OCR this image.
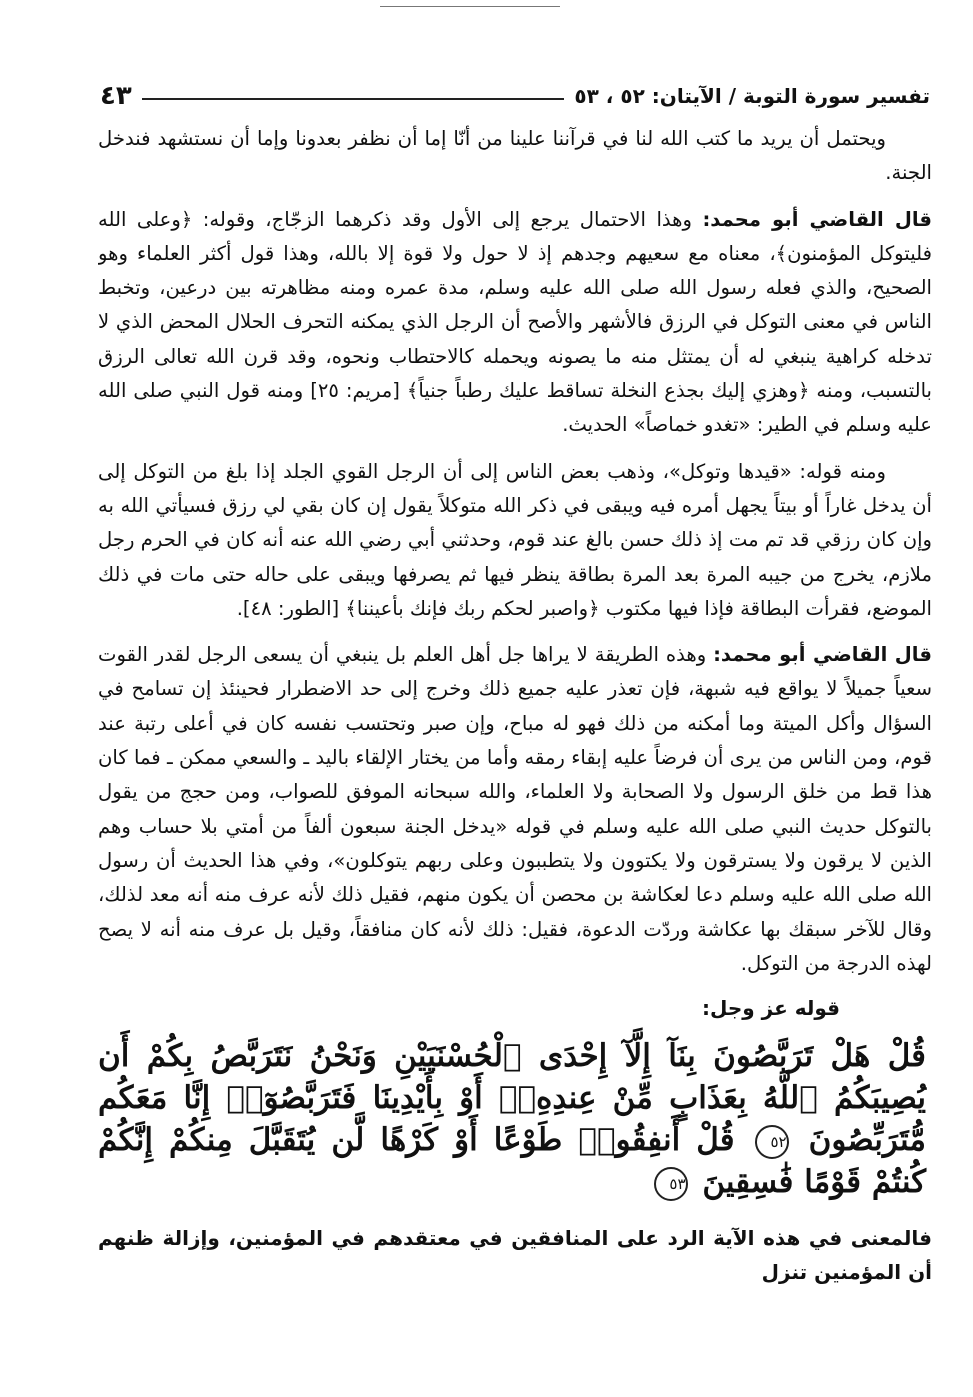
تفسير سورة التوبة / الآيتان: ٥٢ ، ٥٣
٤٣

ويحتمل أن يريد ما كتب الله لنا في قرآننا علينا من أنّا إما أن نظفر بعدونا وإما أن نستشهد فندخل الجنة.

قال القاضي أبو محمد: وهذا الاحتمال يرجع إلى الأول وقد ذكرهما الزجّاج، وقوله: ﴿وعلى الله فليتوكل المؤمنون﴾، معناه مع سعيهم وجدهم إذ لا حول ولا قوة إلا بالله، وهذا قول أكثر العلماء وهو الصحيح، والذي فعله رسول الله صلى الله عليه وسلم، مدة عمره ومنه مظاهرته بين درعين، وتخبط الناس في معنى التوكل في الرزق فالأشهر والأصح أن الرجل الذي يمكنه التحرف الحلال المحض الذي لا تدخله كراهية ينبغي له أن يمتثل منه ما يصونه ويحمله كالاحتطاب ونحوه، وقد قرن الله تعالى الرزق بالتسبب، ومنه ﴿وهزي إليك بجذع النخلة تساقط عليك رطباً جنياً﴾ [مريم: ٢٥] ومنه قول النبي صلى الله عليه وسلم في الطير: «تغدو خماصاً» الحديث.

ومنه قوله: «قيدها وتوكل»، وذهب بعض الناس إلى أن الرجل القوي الجلد إذا بلغ من التوكل إلى أن يدخل غاراً أو بيتاً يجهل أمره فيه ويبقى في ذكر الله متوكلاً يقول إن كان بقي لي رزق فسيأتي الله به وإن كان رزقي قد تم مت إذ ذلك حسن بالغ عند قوم، وحدثني أبي رضي الله عنه أنه كان في الحرم رجل ملازم، يخرج من جيبه المرة بعد المرة بطاقة ينظر فيها ثم يصرفها ويبقى على حاله حتى مات في ذلك الموضع، فقرأت البطاقة فإذا فيها مكتوب ﴿واصبر لحكم ربك فإنك بأعيننا﴾ [الطور: ٤٨].

قال القاضي أبو محمد: وهذه الطريقة لا يراها جل أهل العلم بل ينبغي أن يسعى الرجل لقدر القوت سعياً جميلاً لا يواقع فيه شبهة، فإن تعذر عليه جميع ذلك وخرج إلى حد الاضطرار فحينئذ إن تسامح في السؤال وأكل الميتة وما أمكنه من ذلك فهو له مباح، وإن صبر وتحتسب نفسه كان في أعلى رتبة عند قوم، ومن الناس من يرى أن فرضاً عليه إبقاء رمقه وأما من يختار الإلقاء باليد ـ والسعي ممكن ـ فما كان هذا قط من خلق الرسول ولا الصحابة ولا العلماء، والله سبحانه الموفق للصواب، ومن حجج من يقول بالتوكل حديث النبي صلى الله عليه وسلم في قوله «يدخل الجنة سبعون ألفاً من أمتي بلا حساب وهم الذين لا يرقون ولا يسترقون ولا يكتوون ولا يتطببون وعلى ربهم يتوكلون»، وفي هذا الحديث أن رسول الله صلى الله عليه وسلم دعا لعكاشة بن محصن أن يكون منهم، فقيل ذلك لأنه عرف منه أنه معد لذلك، وقال للآخر سبقك بها عكاشة وردّت الدعوة، فقيل: ذلك لأنه كان منافقاً، وقيل بل عرف منه أنه لا يصح لهذه الدرجة من التوكل.

قوله عز وجل:

قُلْ هَلْ تَرَبَّصُونَ بِنَآ إِلَّآ إِحْدَى ٱلْحُسْنَيَيْنِ وَنَحْنُ نَتَرَبَّصُ بِكُمْ أَن يُصِيبَكُمُ ٱللَّهُ بِعَذَابٍ مِّنْ عِندِهِۦٓ أَوْ بِأَيْدِينَا فَتَرَبَّصُوٓا۟ إِنَّا مَعَكُم مُّتَرَبِّصُونَ ٥٢ قُلْ أَنفِقُوا۟ طَوْعًا أَوْ كَرْهًا لَّن يُتَقَبَّلَ مِنكُمْ إِنَّكُمْ كُنتُمْ قَوْمًا فَٰسِقِينَ ٥٣

فالمعنى في هذه الآية الرد على المنافقين في معتقدهم في المؤمنين، وإزالة ظنهم أن المؤمنين تنزل
